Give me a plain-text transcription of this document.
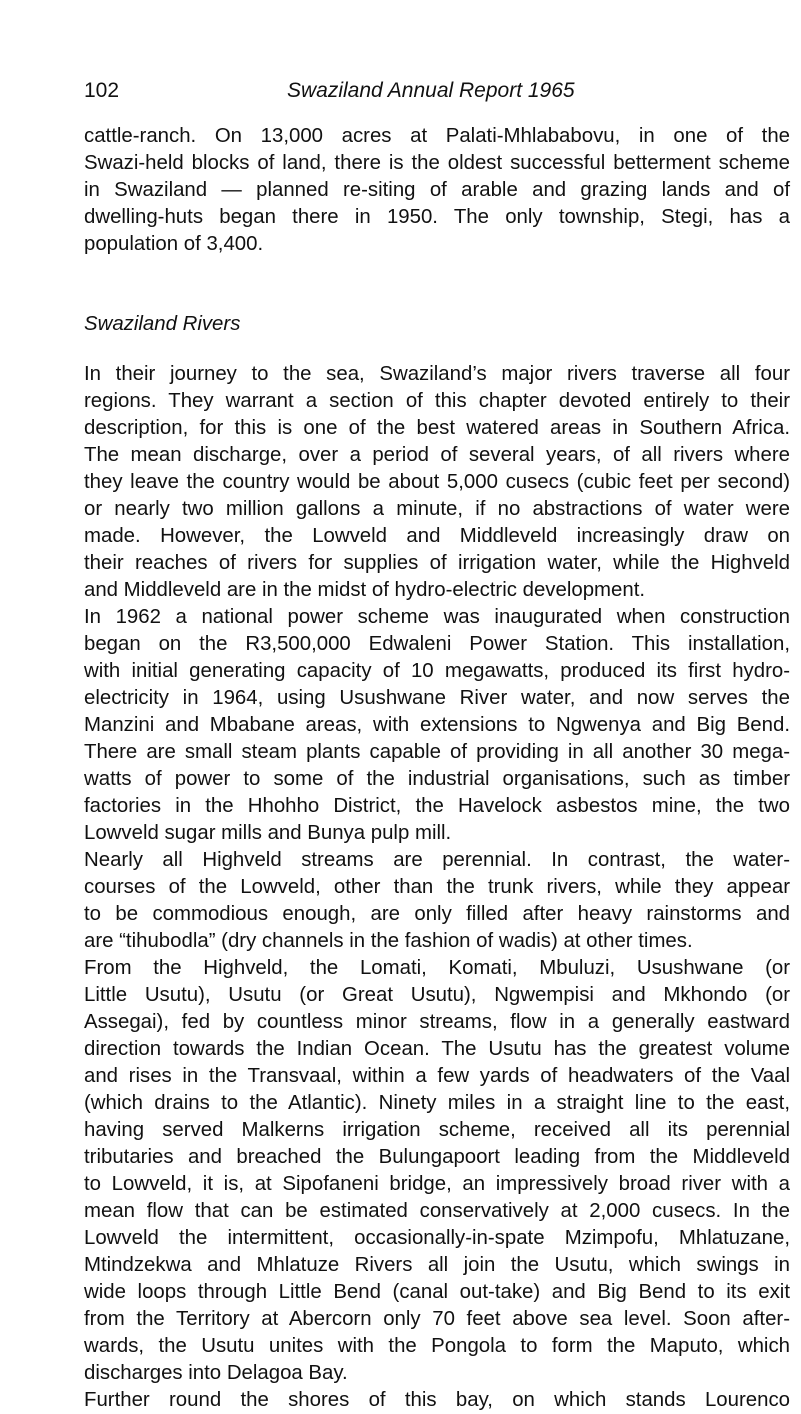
102	Swaziland Annual Report 1965

cattle-ranch. On 13,000 acres at Palati-Mhlababovu, in one of the
Swazi-held blocks of land, there is the oldest successful betterment scheme
in Swaziland — planned re-siting of arable and grazing lands and of
dwelling-huts began there in 1950. The only township, Stegi, has a
population of 3,400.

Swaziland Rivers

In their journey to the sea, Swaziland’s major rivers traverse all four
regions. They warrant a section of this chapter devoted entirely to their
description, for this is one of the best watered areas in Southern Africa.
The mean discharge, over a period of several years, of all rivers where
they leave the country would be about 5,000 cusecs (cubic feet per second)
or nearly two million gallons a minute, if no abstractions of water were
made. However, the Lowveld and Middleveld increasingly draw on
their reaches of rivers for supplies of irrigation water, while the Highveld
and Middleveld are in the midst of hydro-electric development.

In 1962 a national power scheme was inaugurated when construction
began on the R3,500,000 Edwaleni Power Station. This installation,
with initial generating capacity of 10 megawatts, produced its first hydro-
electricity in 1964, using Usushwane River water, and now serves the
Manzini and Mbabane areas, with extensions to Ngwenya and Big Bend.
There are small steam plants capable of providing in all another 30 mega-
watts of power to some of the industrial organisations, such as timber
factories in the Hhohho District, the Havelock asbestos mine, the two
Lowveld sugar mills and Bunya pulp mill.

Nearly all Highveld streams are perennial. In contrast, the water-
courses of the Lowveld, other than the trunk rivers, while they appear
to be commodious enough, are only filled after heavy rainstorms and
are “tihubodla” (dry channels in the fashion of wadis) at other times.

From the Highveld, the Lomati, Komati, Mbuluzi, Usushwane (or
Little Usutu), Usutu (or Great Usutu), Ngwempisi and Mkhondo (or
Assegai), fed by countless minor streams, flow in a generally eastward
direction towards the Indian Ocean. The Usutu has the greatest volume
and rises in the Transvaal, within a few yards of headwaters of the Vaal
(which drains to the Atlantic). Ninety miles in a straight line to the east,
having served Malkerns irrigation scheme, received all its perennial
tributaries and breached the Bulungapoort leading from the Middleveld
to Lowveld, it is, at Sipofaneni bridge, an impressively broad river with a
mean flow that can be estimated conservatively at 2,000 cusecs. In the
Lowveld the intermittent, occasionally-in-spate Mzimpofu, Mhlatuzane,
Mtindzekwa and Mhlatuze Rivers all join the Usutu, which swings in
wide loops through Little Bend (canal out-take) and Big Bend to its exit
from the Territory at Abercorn only 70 feet above sea level. Soon after-
wards, the Usutu unites with the Pongola to form the Maputo, which
discharges into Delagoa Bay.

Further round the shores of this bay, on which stands Lourenco
